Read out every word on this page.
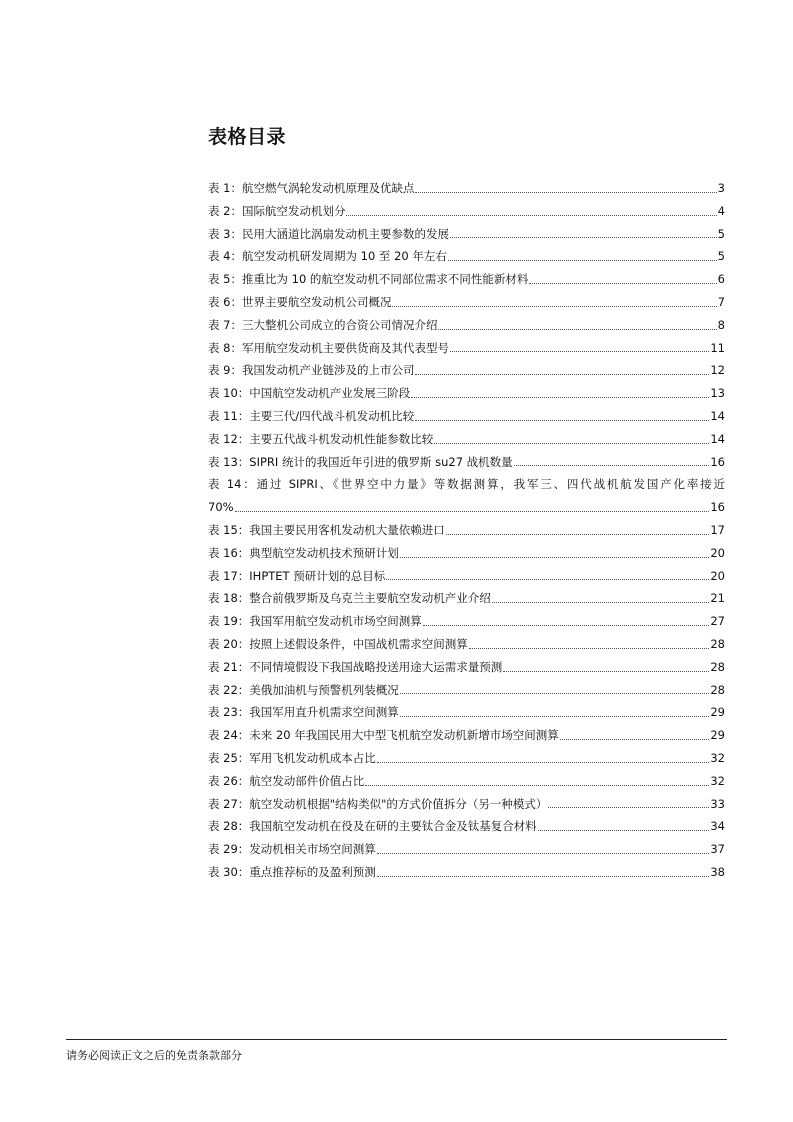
表格目录
表 1：航空燃气涡轮发动机原理及优缺点	3
表 2：国际航空发动机划分	4
表 3：民用大涵道比涡扇发动机主要参数的发展	5
表 4：航空发动机研发周期为 10 至 20 年左右	5
表 5：推重比为 10 的航空发动机不同部位需求不同性能新材料	6
表 6：世界主要航空发动机公司概况	7
表 7：三大整机公司成立的合资公司情况介绍	8
表 8：军用航空发动机主要供货商及其代表型号	11
表 9：我国发动机产业链涉及的上市公司	12
表 10：中国航空发动机产业发展三阶段	13
表 11：主要三代/四代战斗机发动机比较	14
表 12：主要五代战斗机发动机性能参数比较	14
表 13：SIPRI 统计的我国近年引进的俄罗斯 su27 战机数量	16
表 14：通过 SIPRI、《世界空中力量》等数据测算，我军三、四代战机航发国产化率接近
70%	16
表 15：我国主要民用客机发动机大量依赖进口	17
表 16：典型航空发动机技术预研计划	20
表 17：IHPTET 预研计划的总目标	20
表 18：整合前俄罗斯及乌克兰主要航空发动机产业介绍	21
表 19：我国军用航空发动机市场空间测算	27
表 20：按照上述假设条件，中国战机需求空间测算	28
表 21：不同情境假设下我国战略投送用途大运需求量预测	28
表 22：美俄加油机与预警机列装概况	28
表 23：我国军用直升机需求空间测算	29
表 24：未来 20 年我国民用大中型飞机航空发动机新增市场空间测算	29
表 25：军用飞机发动机成本占比	32
表 26：航空发动部件价值占比	32
表 27：航空发动机根据"结构类似"的方式价值拆分（另一种模式）	33
表 28：我国航空发动机在役及在研的主要钛合金及钛基复合材料	34
表 29：发动机相关市场空间测算	37
表 30：重点推荐标的及盈利预测	38
请务必阅读正文之后的免责条款部分
